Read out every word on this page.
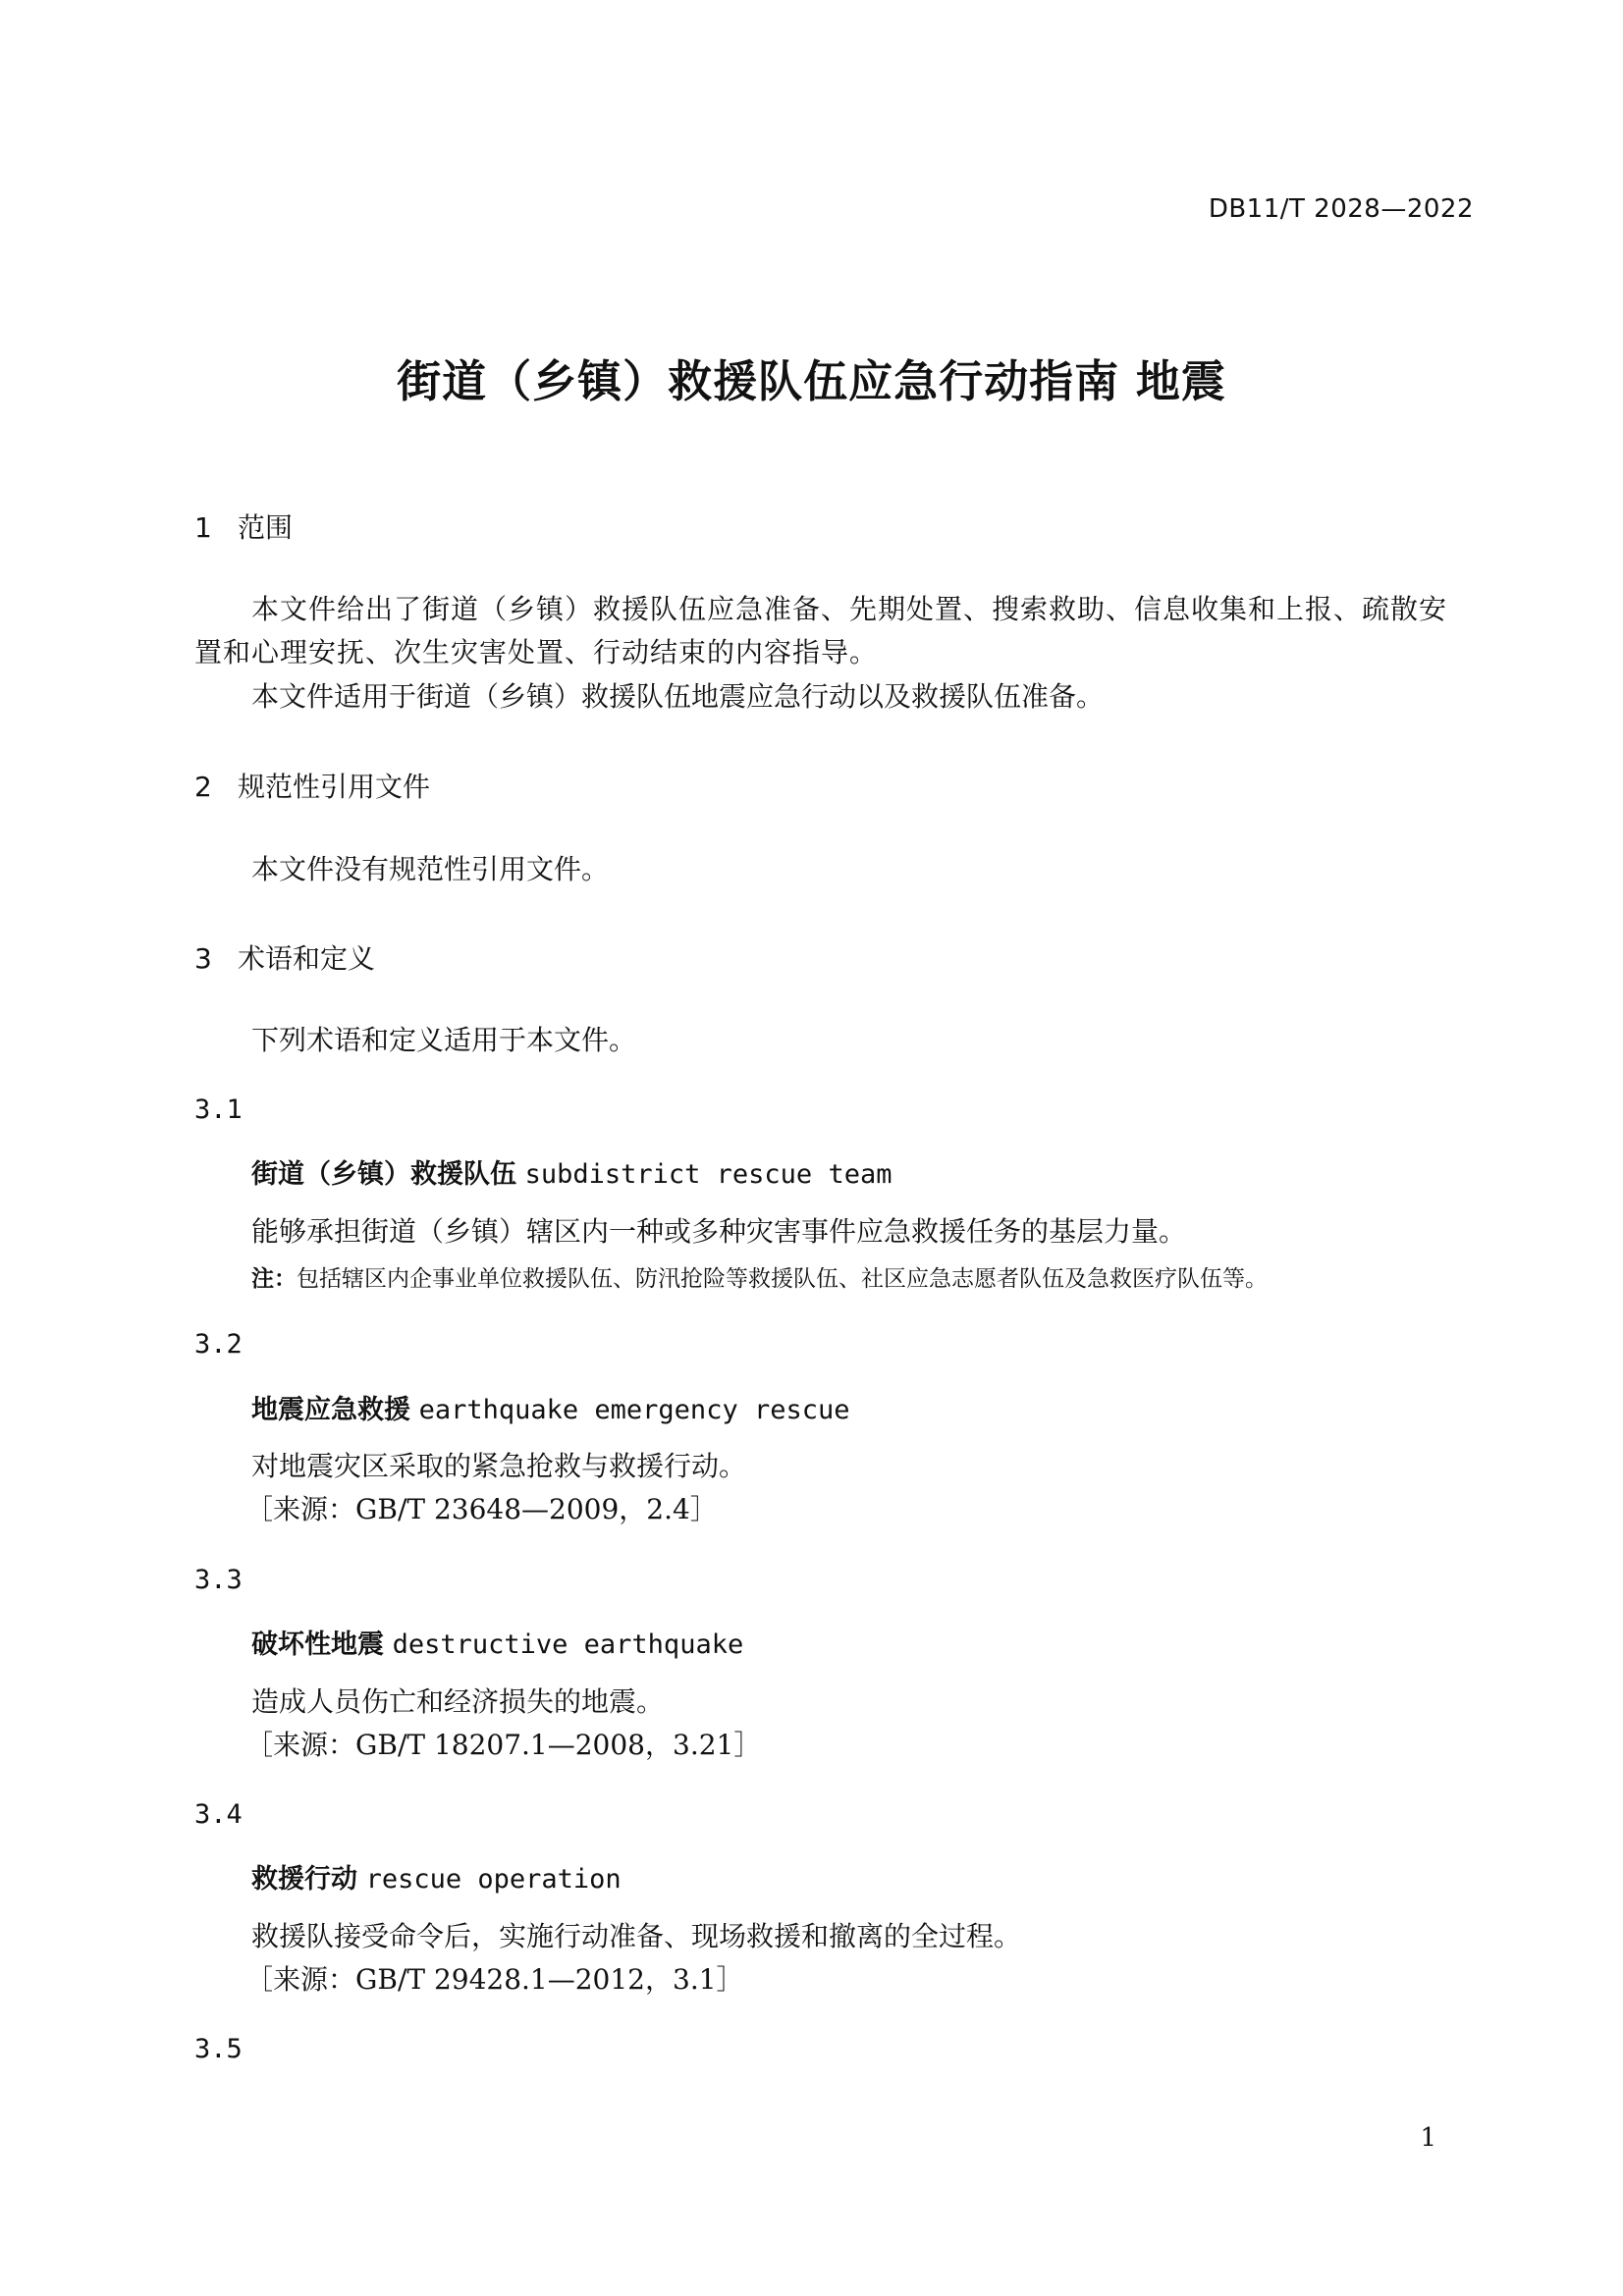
DB11/T 2028—2022
街道（乡镇）救援队伍应急行动指南 地震
1 范围
本文件给出了街道（乡镇）救援队伍应急准备、先期处置、搜索救助、信息收集和上报、疏散安置和心理安抚、次生灾害处置、行动结束的内容指导。
本文件适用于街道（乡镇）救援队伍地震应急行动以及救援队伍准备。
2 规范性引用文件
本文件没有规范性引用文件。
3 术语和定义
下列术语和定义适用于本文件。
3.1
街道（乡镇）救援队伍 subdistrict rescue team
能够承担街道（乡镇）辖区内一种或多种灾害事件应急救援任务的基层力量。
注：包括辖区内企事业单位救援队伍、防汛抢险等救援队伍、社区应急志愿者队伍及急救医疗队伍等。
3.2
地震应急救援 earthquake emergency rescue
对地震灾区采取的紧急抢救与救援行动。
［来源：GB/T 23648—2009，2.4］
3.3
破坏性地震 destructive earthquake
造成人员伤亡和经济损失的地震。
［来源：GB/T 18207.1—2008，3.21］
3.4
救援行动 rescue operation
救援队接受命令后，实施行动准备、现场救援和撤离的全过程。
［来源：GB/T 29428.1—2012，3.1］
3.5
1
